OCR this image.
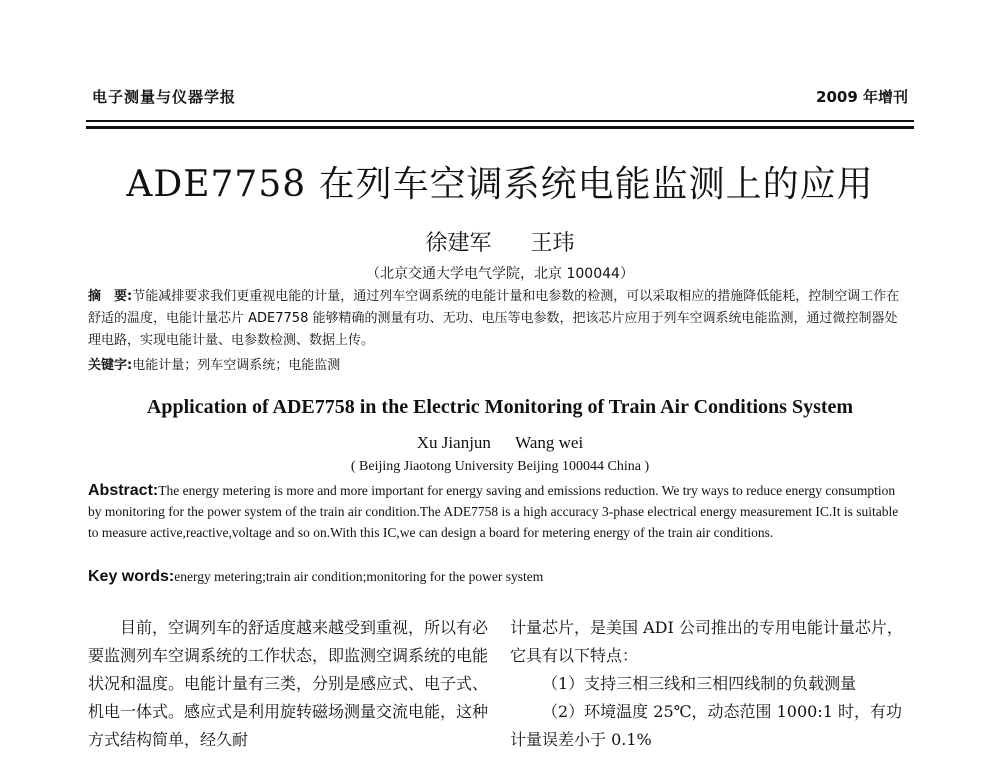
电子测量与仪器学报	2009 年增刊
ADE7758 在列车空调系统电能监测上的应用
徐建军 王玮
（北京交通大学电气学院，北京 100044）
摘　要:节能减排要求我们更重视电能的计量，通过列车空调系统的电能计量和电参数的检测，可以采取相应的措施降低能耗，控制空调工作在舒适的温度，电能计量芯片 ADE7758 能够精确的测量有功、无功、电压等电参数，把该芯片应用于列车空调系统电能监测，通过微控制器处理电路，实现电能计量、电参数检测、数据上传。
关键字:电能计量；列车空调系统；电能监测
Application of ADE7758 in the Electric Monitoring of Train Air Conditions System
Xu Jianjun Wang wei
( Beijing Jiaotong University Beijing 100044 China )
Abstract:The energy metering is more and more important for energy saving and emissions reduction. We try ways to reduce energy consumption by monitoring for the power system of the train air condition.The ADE7758 is a high accuracy 3-phase electrical energy measurement IC.It is suitable to measure active,reactive,voltage and so on.With this IC,we can design a board for metering energy of the train air conditions.
Key words:energy metering;train air condition;monitoring for the power system

目前，空调列车的舒适度越来越受到重视，所以有必要监测列车空调系统的工作状态，即监测空调系统的电能状况和温度。电能计量有三类，分别是感应式、电子式、机电一体式。感应式是利用旋转磁场测量交流电能，这种方式结构简单，经久耐

计量芯片，是美国 ADI 公司推出的专用电能计量芯片，它具有以下特点：

（1）支持三相三线和三相四线制的负载测量

（2）环境温度 25℃，动态范围 1000:1 时，有功计量误差小于 0.1%
